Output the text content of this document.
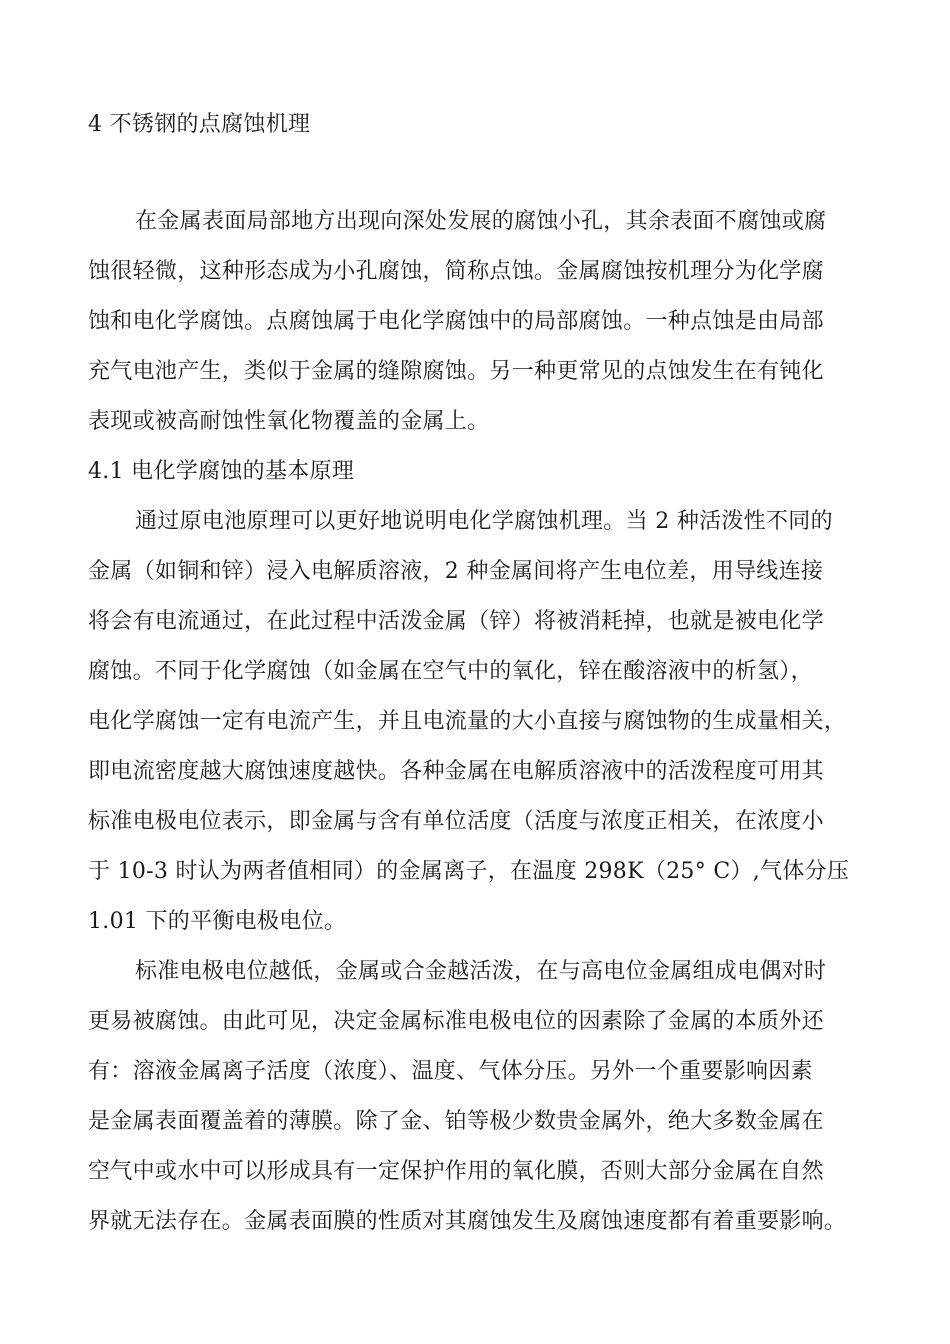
4 不锈钢的点腐蚀机理
在金属表面局部地方出现向深处发展的腐蚀小孔，其余表面不腐蚀或腐
蚀很轻微，这种形态成为小孔腐蚀，简称点蚀。金属腐蚀按机理分为化学腐
蚀和电化学腐蚀。点腐蚀属于电化学腐蚀中的局部腐蚀。一种点蚀是由局部
充气电池产生，类似于金属的缝隙腐蚀。另一种更常见的点蚀发生在有钝化
表现或被高耐蚀性氧化物覆盖的金属上。
4.1 电化学腐蚀的基本原理
通过原电池原理可以更好地说明电化学腐蚀机理。当 2 种活泼性不同的
金属（如铜和锌）浸入电解质溶液，2 种金属间将产生电位差，用导线连接
将会有电流通过，在此过程中活泼金属（锌）将被消耗掉，也就是被电化学
腐蚀。不同于化学腐蚀（如金属在空气中的氧化，锌在酸溶液中的析氢），
电化学腐蚀一定有电流产生，并且电流量的大小直接与腐蚀物的生成量相关，
即电流密度越大腐蚀速度越快。各种金属在电解质溶液中的活泼程度可用其
标准电极电位表示，即金属与含有单位活度（活度与浓度正相关，在浓度小
于 10-3 时认为两者值相同）的金属离子，在温度 298K（25° C）,气体分压
1.01 下的平衡电极电位。
标准电极电位越低，金属或合金越活泼，在与高电位金属组成电偶对时
更易被腐蚀。由此可见，决定金属标准电极电位的因素除了金属的本质外还
有：溶液金属离子活度（浓度）、温度、气体分压。另外一个重要影响因素
是金属表面覆盖着的薄膜。除了金、铂等极少数贵金属外，绝大多数金属在
空气中或水中可以形成具有一定保护作用的氧化膜，否则大部分金属在自然
界就无法存在。金属表面膜的性质对其腐蚀发生及腐蚀速度都有着重要影响。
